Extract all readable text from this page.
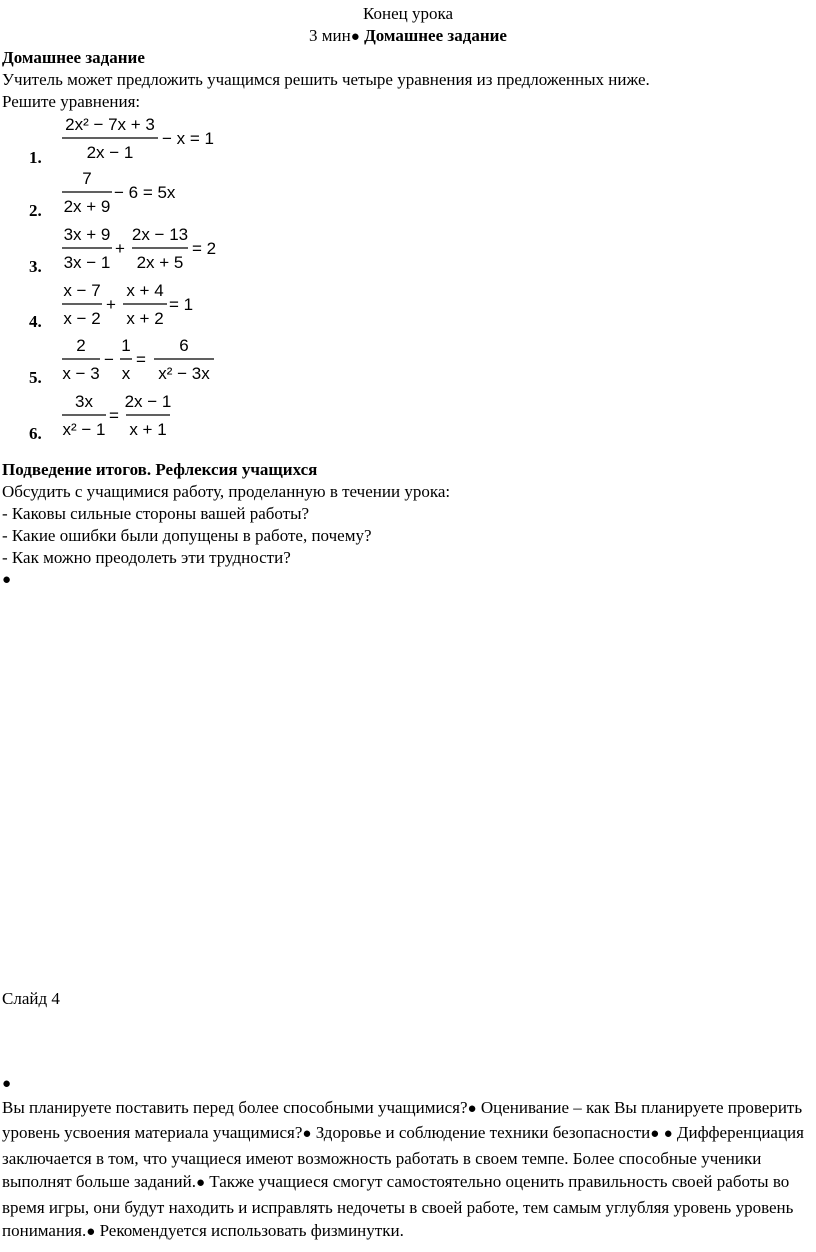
Конец урока
3 мин● Домашнее задание
Домашнее задание
Учитель может предложить учащимся решить четыре уравнения из предложенных ниже.
Решите уравнения:
1.
2x² − 7x + 3
2x − 1
− x = 1
2.
7
2x + 9
− 6 = 5x
3.
3x + 9
3x − 1
+
2x − 13
2x + 5
= 2
4.
x − 7
x − 2
+
x + 4
x + 2
= 1
5.
2
x − 3
−
1
x
=
6
x² − 3x
6.
3x
x² − 1
=
2x − 1
x + 1
Подведение итогов. Рефлексия учащихся
Обсудить с учащимися работу, проделанную в течении урока:
- Каковы сильные стороны вашей работы?
- Какие ошибки были допущены в работе, почему?
- Как можно преодолеть эти трудности?
●
Слайд 4
●
Вы планируете поставить перед более способными учащимися?● Оценивание – как Вы планируете проверить уровень усвоения материала учащимися?● Здоровье и соблюдение техники безопасности● ● Дифференциация заключается в том, что учащиеся имеют возможность работать в своем темпе. Более способные ученики выполнят больше заданий.● Также учащиеся смогут самостоятельно оценить правильность своей работы во время игры, они будут находить и исправлять недочеты в своей работе, тем самым углубляя уровень уровень понимания.● Рекомендуется использовать физминутки.
